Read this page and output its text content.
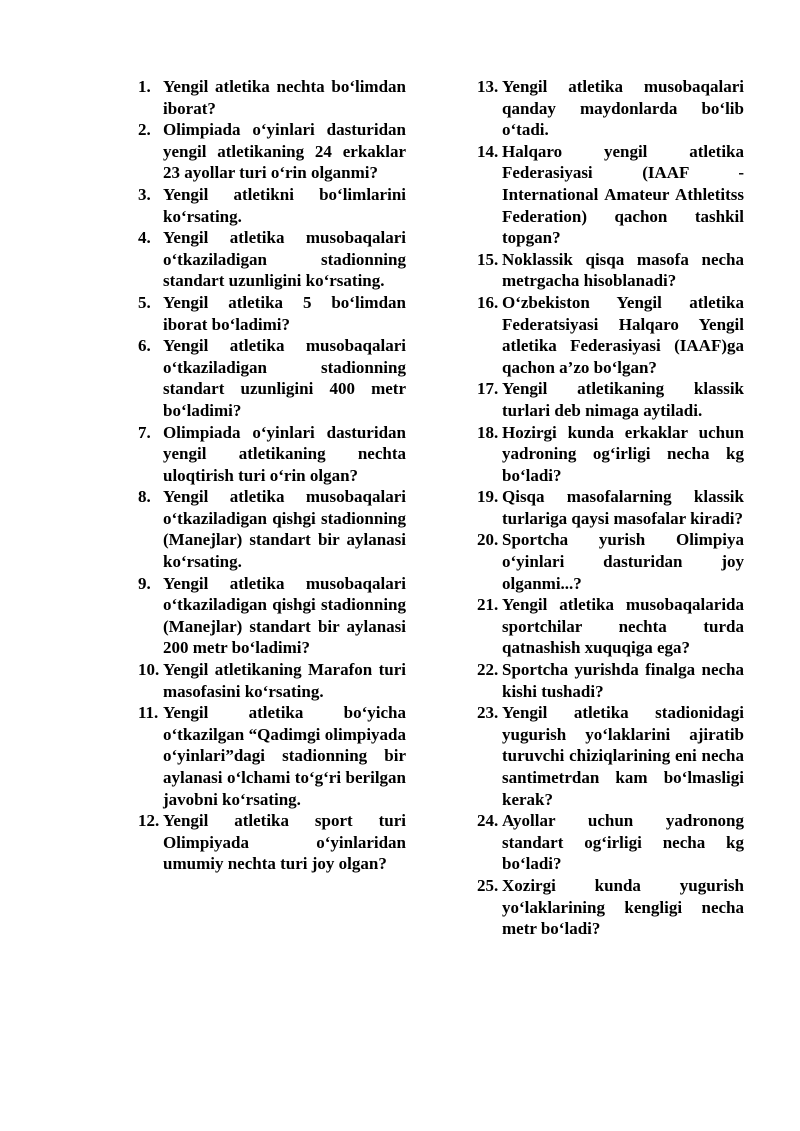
1. Yengil atletika nechta bo‘limdan iborat?
2. Olimpiada o‘yinlari dasturidan yengil atletikaning 24 erkaklar 23 ayollar turi o‘rin olganmi?
3. Yengil atletikni bo‘limlarini ko‘rsating.
4. Yengil atletika musobaqalari o‘tkaziladigan stadionning standart uzunligini ko‘rsating.
5. Yengil atletika 5 bo‘limdan iborat bo‘ladimi?
6. Yengil atletika musobaqalari o‘tkaziladigan stadionning standart uzunligini 400 metr bo‘ladimi?
7. Olimpiada o‘yinlari dasturidan yengil atletikaning nechta uloqtirish turi o‘rin olgan?
8. Yengil atletika musobaqalari o‘tkaziladigan qishgi stadionning (Manejlar) standart bir aylanasi ko‘rsating.
9. Yengil atletika musobaqalari o‘tkaziladigan qishgi stadionning (Manejlar) standart bir aylanasi 200 metr bo‘ladimi?
10. Yengil atletikaning Marafon turi masofasini ko‘rsating.
11. Yengil atletika bo‘yicha o‘tkazilgan “Qadimgi olimpiyada o‘yinlari”dagi stadionning bir aylanasi o‘lchami to‘g‘ri berilgan javobni ko‘rsating.
12. Yengil atletika sport turi Olimpiyada o‘yinlaridan umumiy nechta turi joy olgan?
13. Yengil atletika musobaqalari qanday maydonlarda bo‘lib o‘tadi.
14. Halqaro yengil atletika Federasiyasi (IAAF - International Amateur Athletitss Federation) qachon tashkil topgan?
15. Noklassik qisqa masofa necha metrgacha hisoblanadi?
16. O‘zbekiston Yengil atletika Federatsiyasi Halqaro Yengil atletika Federasiyasi (IAAF)ga qachon a’zo bo‘lgan?
17. Yengil atletikaning klassik turlari deb nimaga aytiladi.
18. Hozirgi kunda erkaklar uchun yadroning og‘irligi necha kg bo‘ladi?
19. Qisqa masofalarning klassik turlariga qaysi masofalar kiradi?
20. Sportcha yurish Olimpiya o‘yinlari dasturidan joy olganmi...?
21. Yengil atletika musobaqalarida sportchilar nechta turda qatnashish xuquqiga ega?
22. Sportcha yurishda finalga necha kishi tushadi?
23. Yengil atletika stadionidagi yugurish yo‘laklarini ajiratib turuvchi chiziqlarining eni necha santimetrdan kam bo‘lmasligi kerak?
24. Ayollar uchun yadronong standart og‘irligi necha kg bo‘ladi?
25. Xozirgi kunda yugurish yo‘laklarining kengligi necha metr bo‘ladi?
